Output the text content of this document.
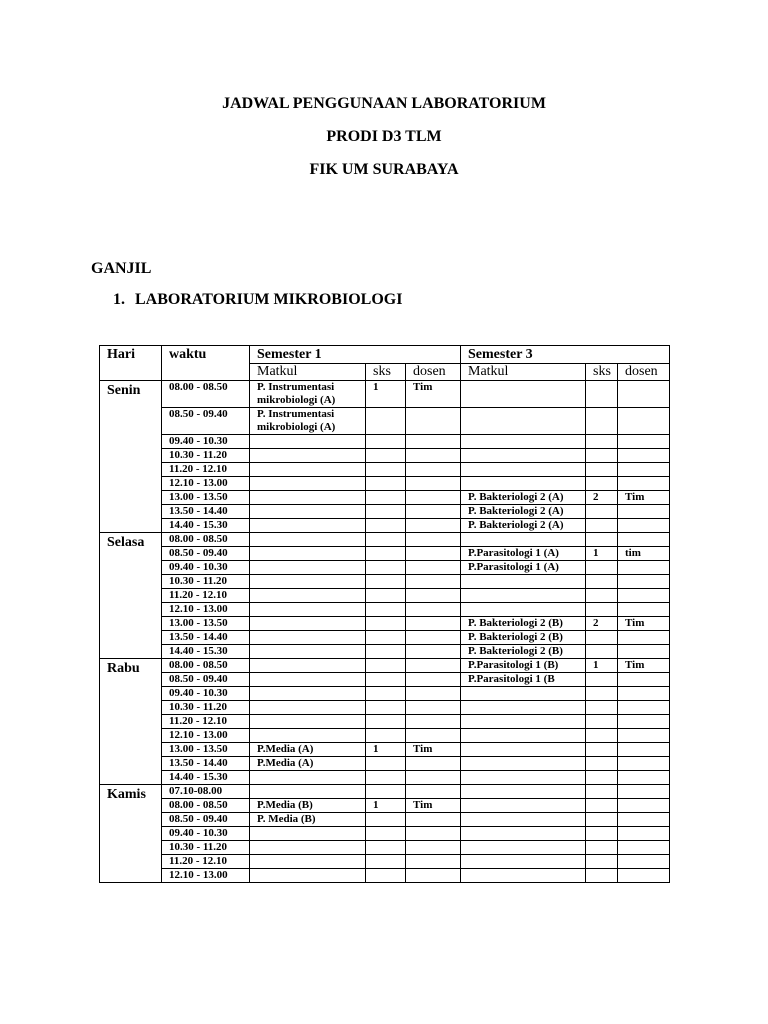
JADWAL PENGGUNAAN LABORATORIUM
PRODI D3 TLM
FIK UM SURABAYA
GANJIL
1. LABORATORIUM MIKROBIOLOGI
Hari	waktu	Semester 1			Semester 3		
		Matkul	sks	dosen	Matkul	sks	dosen
Senin	08.00 - 08.50	P. Instrumentasi mikrobiologi (A)	1	Tim			
	08.50 - 09.40	P. Instrumentasi mikrobiologi (A)					
	09.40 - 10.30						
	10.30 - 11.20						
	11.20 - 12.10						
	12.10 - 13.00						
	13.00 - 13.50				P. Bakteriologi 2 (A)	2	Tim
	13.50 - 14.40				P. Bakteriologi 2 (A)		
	14.40 - 15.30				P. Bakteriologi 2 (A)		
Selasa	08.00 - 08.50						
	08.50 - 09.40				P.Parasitologi 1 (A)	1	tim
	09.40 - 10.30				P.Parasitologi 1 (A)		
	10.30 - 11.20						
	11.20 - 12.10						
	12.10 - 13.00						
	13.00 - 13.50				P. Bakteriologi 2 (B)	2	Tim
	13.50 - 14.40				P. Bakteriologi 2 (B)		
	14.40 - 15.30				P. Bakteriologi 2 (B)		
Rabu	08.00 - 08.50				P.Parasitologi 1 (B)	1	Tim
	08.50 - 09.40				P.Parasitologi 1 (B		
	09.40 - 10.30						
	10.30 - 11.20						
	11.20 - 12.10						
	12.10 - 13.00						
	13.00 - 13.50	P.Media (A)	1	Tim			
	13.50 - 14.40	P.Media (A)					
	14.40 - 15.30						
Kamis	07.10-08.00						
	08.00 - 08.50	P.Media (B)	1	Tim			
	08.50 - 09.40	P. Media (B)					
	09.40 - 10.30						
	10.30 - 11.20						
	11.20 - 12.10						
	12.10 - 13.00						
